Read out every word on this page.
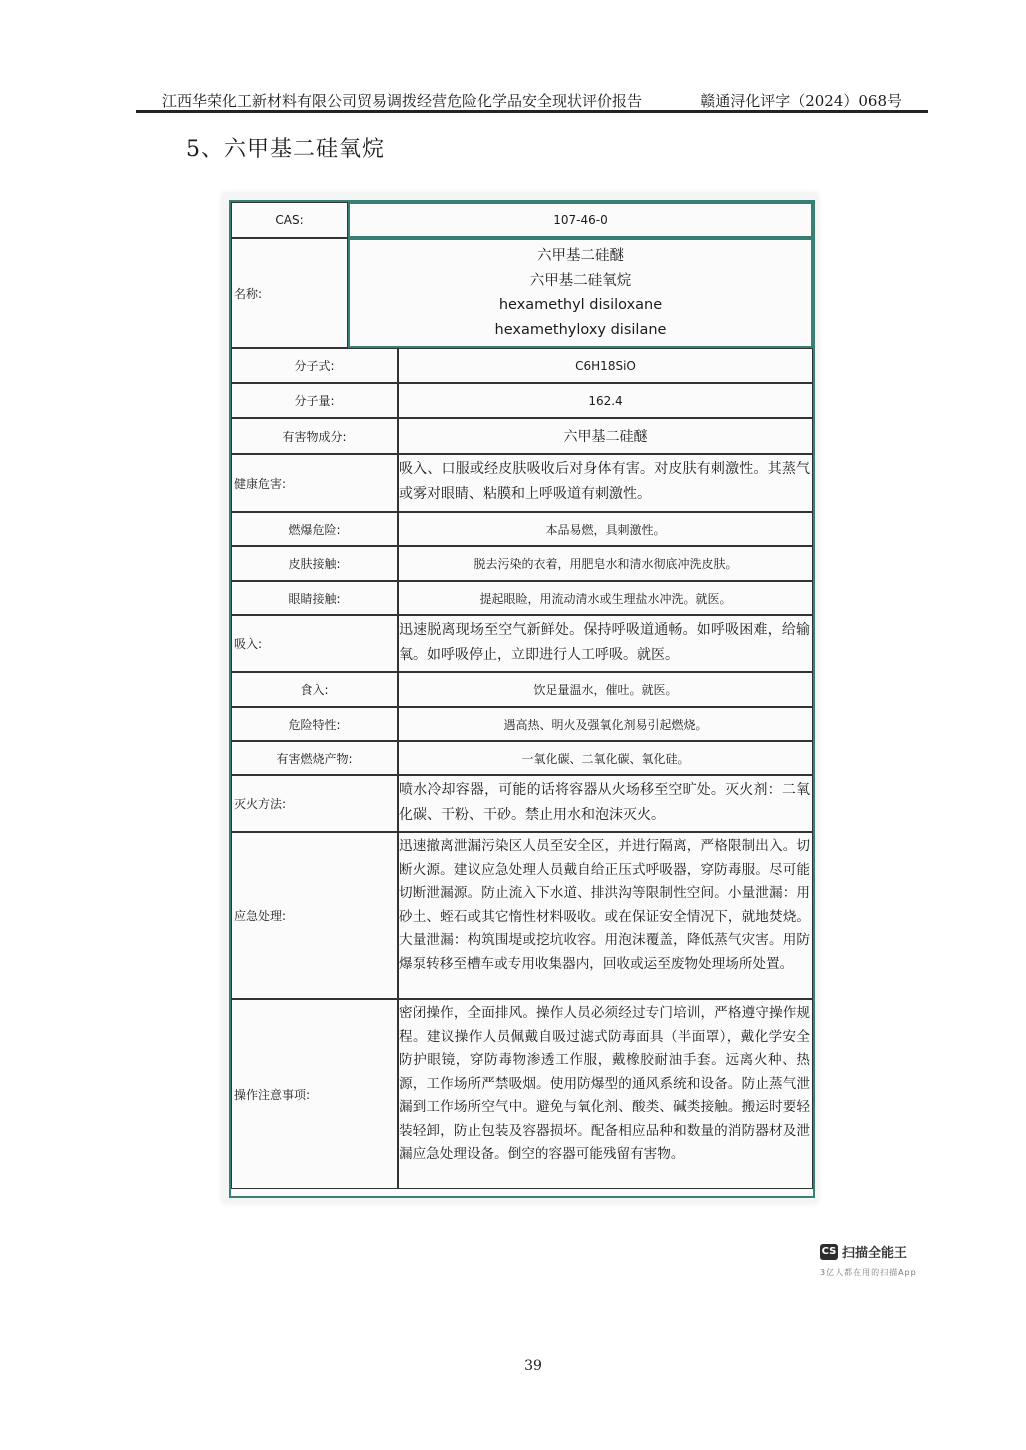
江西华荣化工新材料有限公司贸易调拨经营危险化学品安全现状评价报告	赣通浔化评字（2024）068号
5、六甲基二硅氧烷
CAS:	107-46-0
名称:
六甲基二硅醚
六甲基二硅氧烷
hexamethyl disiloxane
hexamethyloxy disilane
分子式:	C6H18SiO
分子量:	162.4
有害物成分:	六甲基二硅醚
健康危害:
吸入、口服或经皮肤吸收后对身体有害。对皮肤有刺激性。其蒸气或雾对眼睛、粘膜和上呼吸道有刺激性。
燃爆危险:	本品易燃，具刺激性。
皮肤接触:	脱去污染的衣着，用肥皂水和清水彻底冲洗皮肤。
眼睛接触:	提起眼睑，用流动清水或生理盐水冲洗。就医。
吸入:
迅速脱离现场至空气新鲜处。保持呼吸道通畅。如呼吸困难，给输氧。如呼吸停止，立即进行人工呼吸。就医。
食入:	饮足量温水，催吐。就医。
危险特性:	遇高热、明火及强氧化剂易引起燃烧。
有害燃烧产物:	一氧化碳、二氧化碳、氧化硅。
灭火方法:
喷水冷却容器，可能的话将容器从火场移至空旷处。灭火剂：二氧化碳、干粉、干砂。禁止用水和泡沫灭火。
应急处理:
迅速撤离泄漏污染区人员至安全区，并进行隔离，严格限制出入。切断火源。建议应急处理人员戴自给正压式呼吸器，穿防毒服。尽可能切断泄漏源。防止流入下水道、排洪沟等限制性空间。小量泄漏：用砂土、蛭石或其它惰性材料吸收。或在保证安全情况下，就地焚烧。大量泄漏：构筑围堤或挖坑收容。用泡沫覆盖，降低蒸气灾害。用防爆泵转移至槽车或专用收集器内，回收或运至废物处理场所处置。
操作注意事项:
密闭操作，全面排风。操作人员必须经过专门培训，严格遵守操作规程。建议操作人员佩戴自吸过滤式防毒面具（半面罩），戴化学安全防护眼镜，穿防毒物渗透工作服，戴橡胶耐油手套。远离火种、热源，工作场所严禁吸烟。使用防爆型的通风系统和设备。防止蒸气泄漏到工作场所空气中。避免与氧化剂、酸类、碱类接触。搬运时要轻装轻卸，防止包装及容器损坏。配备相应品种和数量的消防器材及泄漏应急处理设备。倒空的容器可能残留有害物。
CS 扫描全能王
3亿人都在用的扫描App
39
